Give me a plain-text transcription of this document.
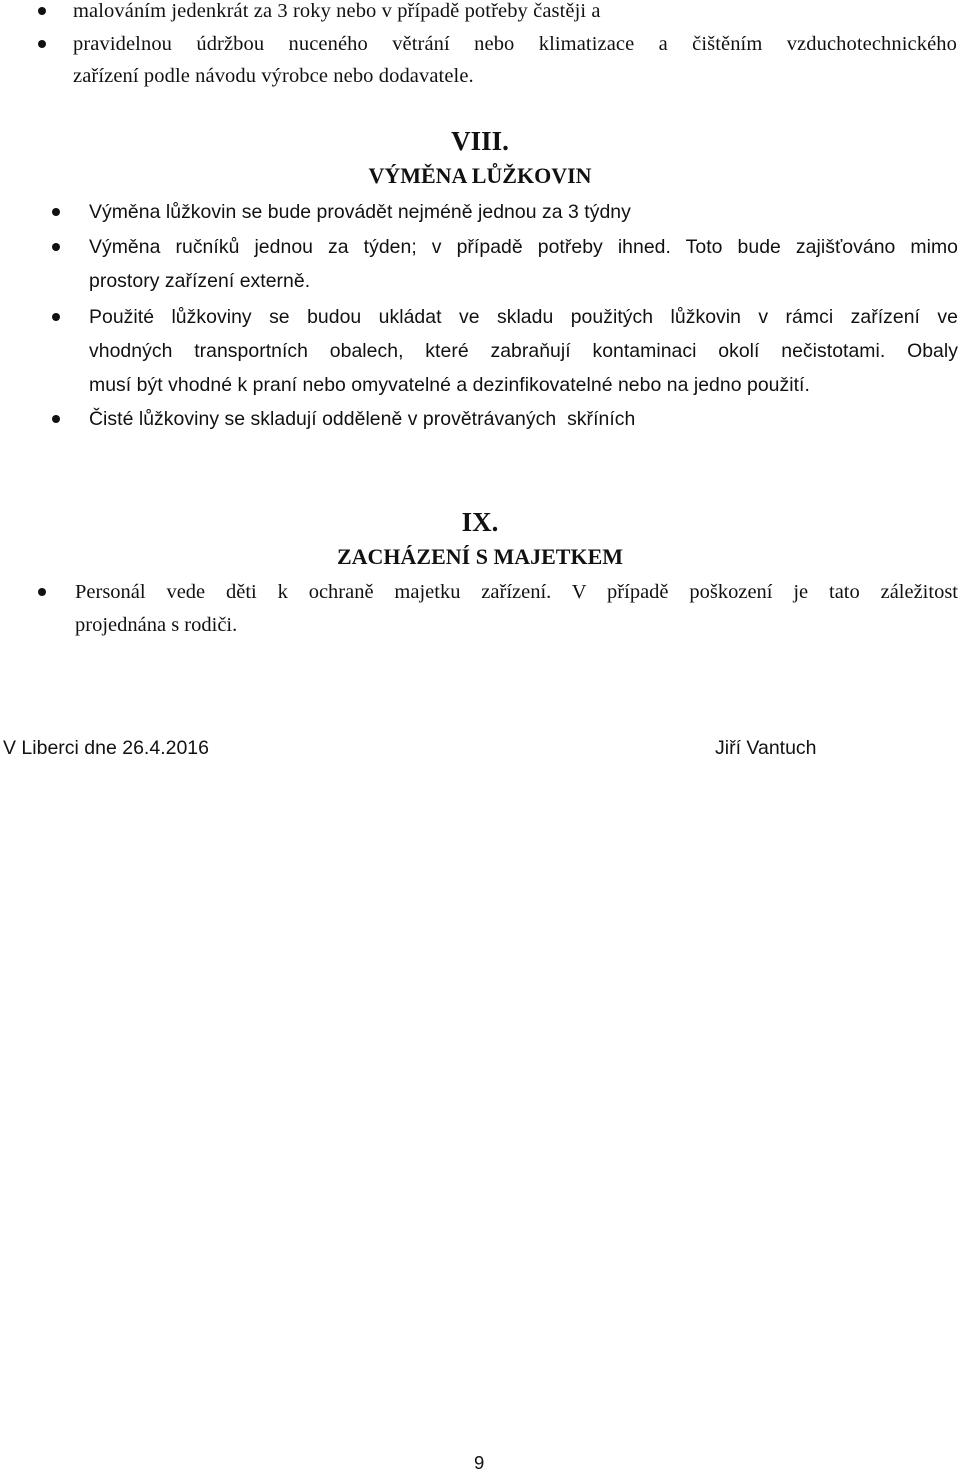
malováním jedenkrát za 3 roky nebo v případě potřeby častěji a
pravidelnou údržbou nuceného větrání nebo klimatizace a čištěním vzduchotechnického
zařízení podle návodu výrobce nebo dodavatele.
VIII.
VÝMĚNA LŮŽKOVIN
Výměna lůžkovin se bude provádět nejméně jednou za 3 týdny
Výměna ručníků jednou za týden; v případě potřeby ihned. Toto bude zajišťováno mimo
prostory zařízení externě.
Použité lůžkoviny se budou ukládat ve skladu použitých lůžkovin v rámci zařízení ve
vhodných transportních obalech, které zabraňují kontaminaci okolí nečistotami. Obaly
musí být vhodné k praní nebo omyvatelné a dezinfikovatelné nebo na jedno použití.
Čisté lůžkoviny se skladují odděleně v provětrávaných  skříních
IX.
ZACHÁZENÍ S MAJETKEM
Personál vede děti k ochraně majetku zařízení. V případě poškození je tato záležitost
projednána s rodiči.
V Liberci dne 26.4.2016	Jiří Vantuch
9
